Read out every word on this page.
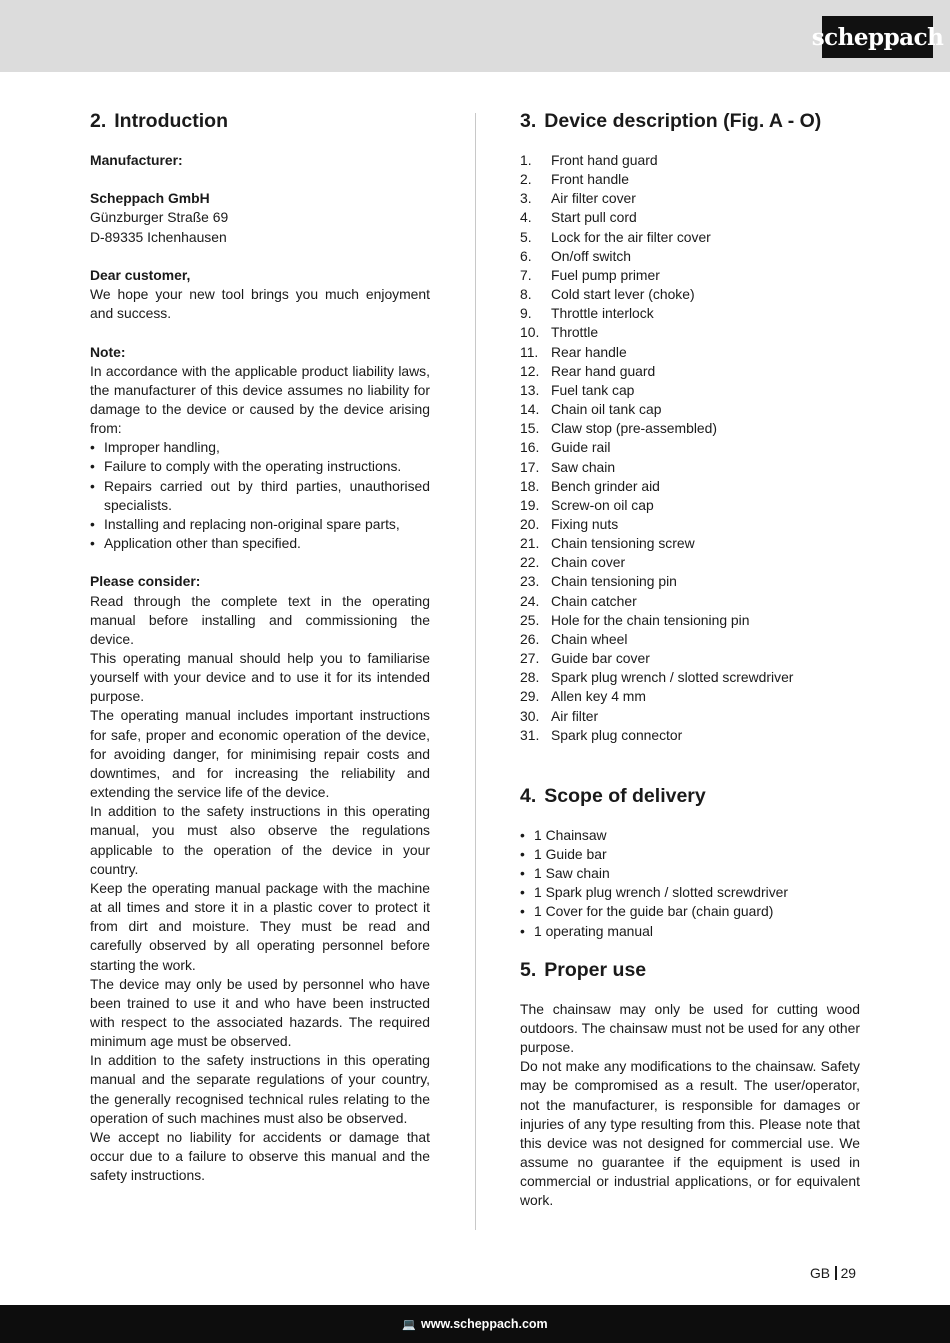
scheppach
2. Introduction

Manufacturer:

Scheppach GmbH

Günzburger Straße 69

D-89335 Ichenhausen

Dear customer,

We hope your new tool brings you much enjoyment and success.

Note:

In accordance with the applicable product liability laws, the manufacturer of this device assumes no liability for damage to the device or caused by the device arising from:

• Improper handling,
• Failure to comply with the operating instructions.
• Repairs carried out by third parties, unauthorised specialists.
• Installing and replacing non-original spare parts,
• Application other than specified.

Please consider:

Read through the complete text in the operating manual before installing and commissioning the device.

This operating manual should help you to familiarise yourself with your device and to use it for its intended purpose.

The operating manual includes important instructions for safe, proper and economic operation of the device, for avoiding danger, for minimising repair costs and downtimes, and for increasing the reliability and extending the service life of the device.

In addition to the safety instructions in this operating manual, you must also observe the regulations applicable to the operation of the device in your country.

Keep the operating manual package with the machine at all times and store it in a plastic cover to protect it from dirt and moisture. They must be read and carefully observed by all operating personnel before starting the work.

The device may only be used by personnel who have been trained to use it and who have been instructed with respect to the associated hazards. The required minimum age must be observed.

In addition to the safety instructions in this operating manual and the separate regulations of your country, the generally recognised technical rules relating to the operation of such machines must also be observed.

We accept no liability for accidents or damage that occur due to a failure to observe this manual and the safety instructions.

3. Device description (Fig. A - O)
1.	Front hand guard
2.	Front handle
3.	Air filter cover
4.	Start pull cord
5.	Lock for the air filter cover
6.	On/off switch
7.	Fuel pump primer
8.	Cold start lever (choke)
9.	Throttle interlock
10. Throttle
11. Rear handle
12. Rear hand guard
13. Fuel tank cap
14. Chain oil tank cap
15. Claw stop (pre-assembled)
16. Guide rail
17. Saw chain
18. Bench grinder aid
19. Screw-on oil cap
20. Fixing nuts
21. Chain tensioning screw
22. Chain cover
23. Chain tensioning pin
24. Chain catcher
25. Hole for the chain tensioning pin
26. Chain wheel
27. Guide bar cover
28. Spark plug wrench / slotted screwdriver
29. Allen key 4 mm
30. Air filter
31. Spark plug connector
4. Scope of delivery
• 1 Chainsaw
• 1 Guide bar
• 1 Saw chain
• 1 Spark plug wrench / slotted screwdriver
• 1 Cover for the guide bar (chain guard)
• 1 operating manual
5. Proper use

The chainsaw may only be used for cutting wood outdoors. The chainsaw must not be used for any other purpose.

Do not make any modifications to the chainsaw. Safety may be compromised as a result. The user/operator, not the manufacturer, is responsible for damages or injuries of any type resulting from this. Please note that this device was not designed for commercial use. We assume no guarantee if the equipment is used in commercial or industrial applications, or for equivalent work.

GB 29
💻 www.scheppach.com
